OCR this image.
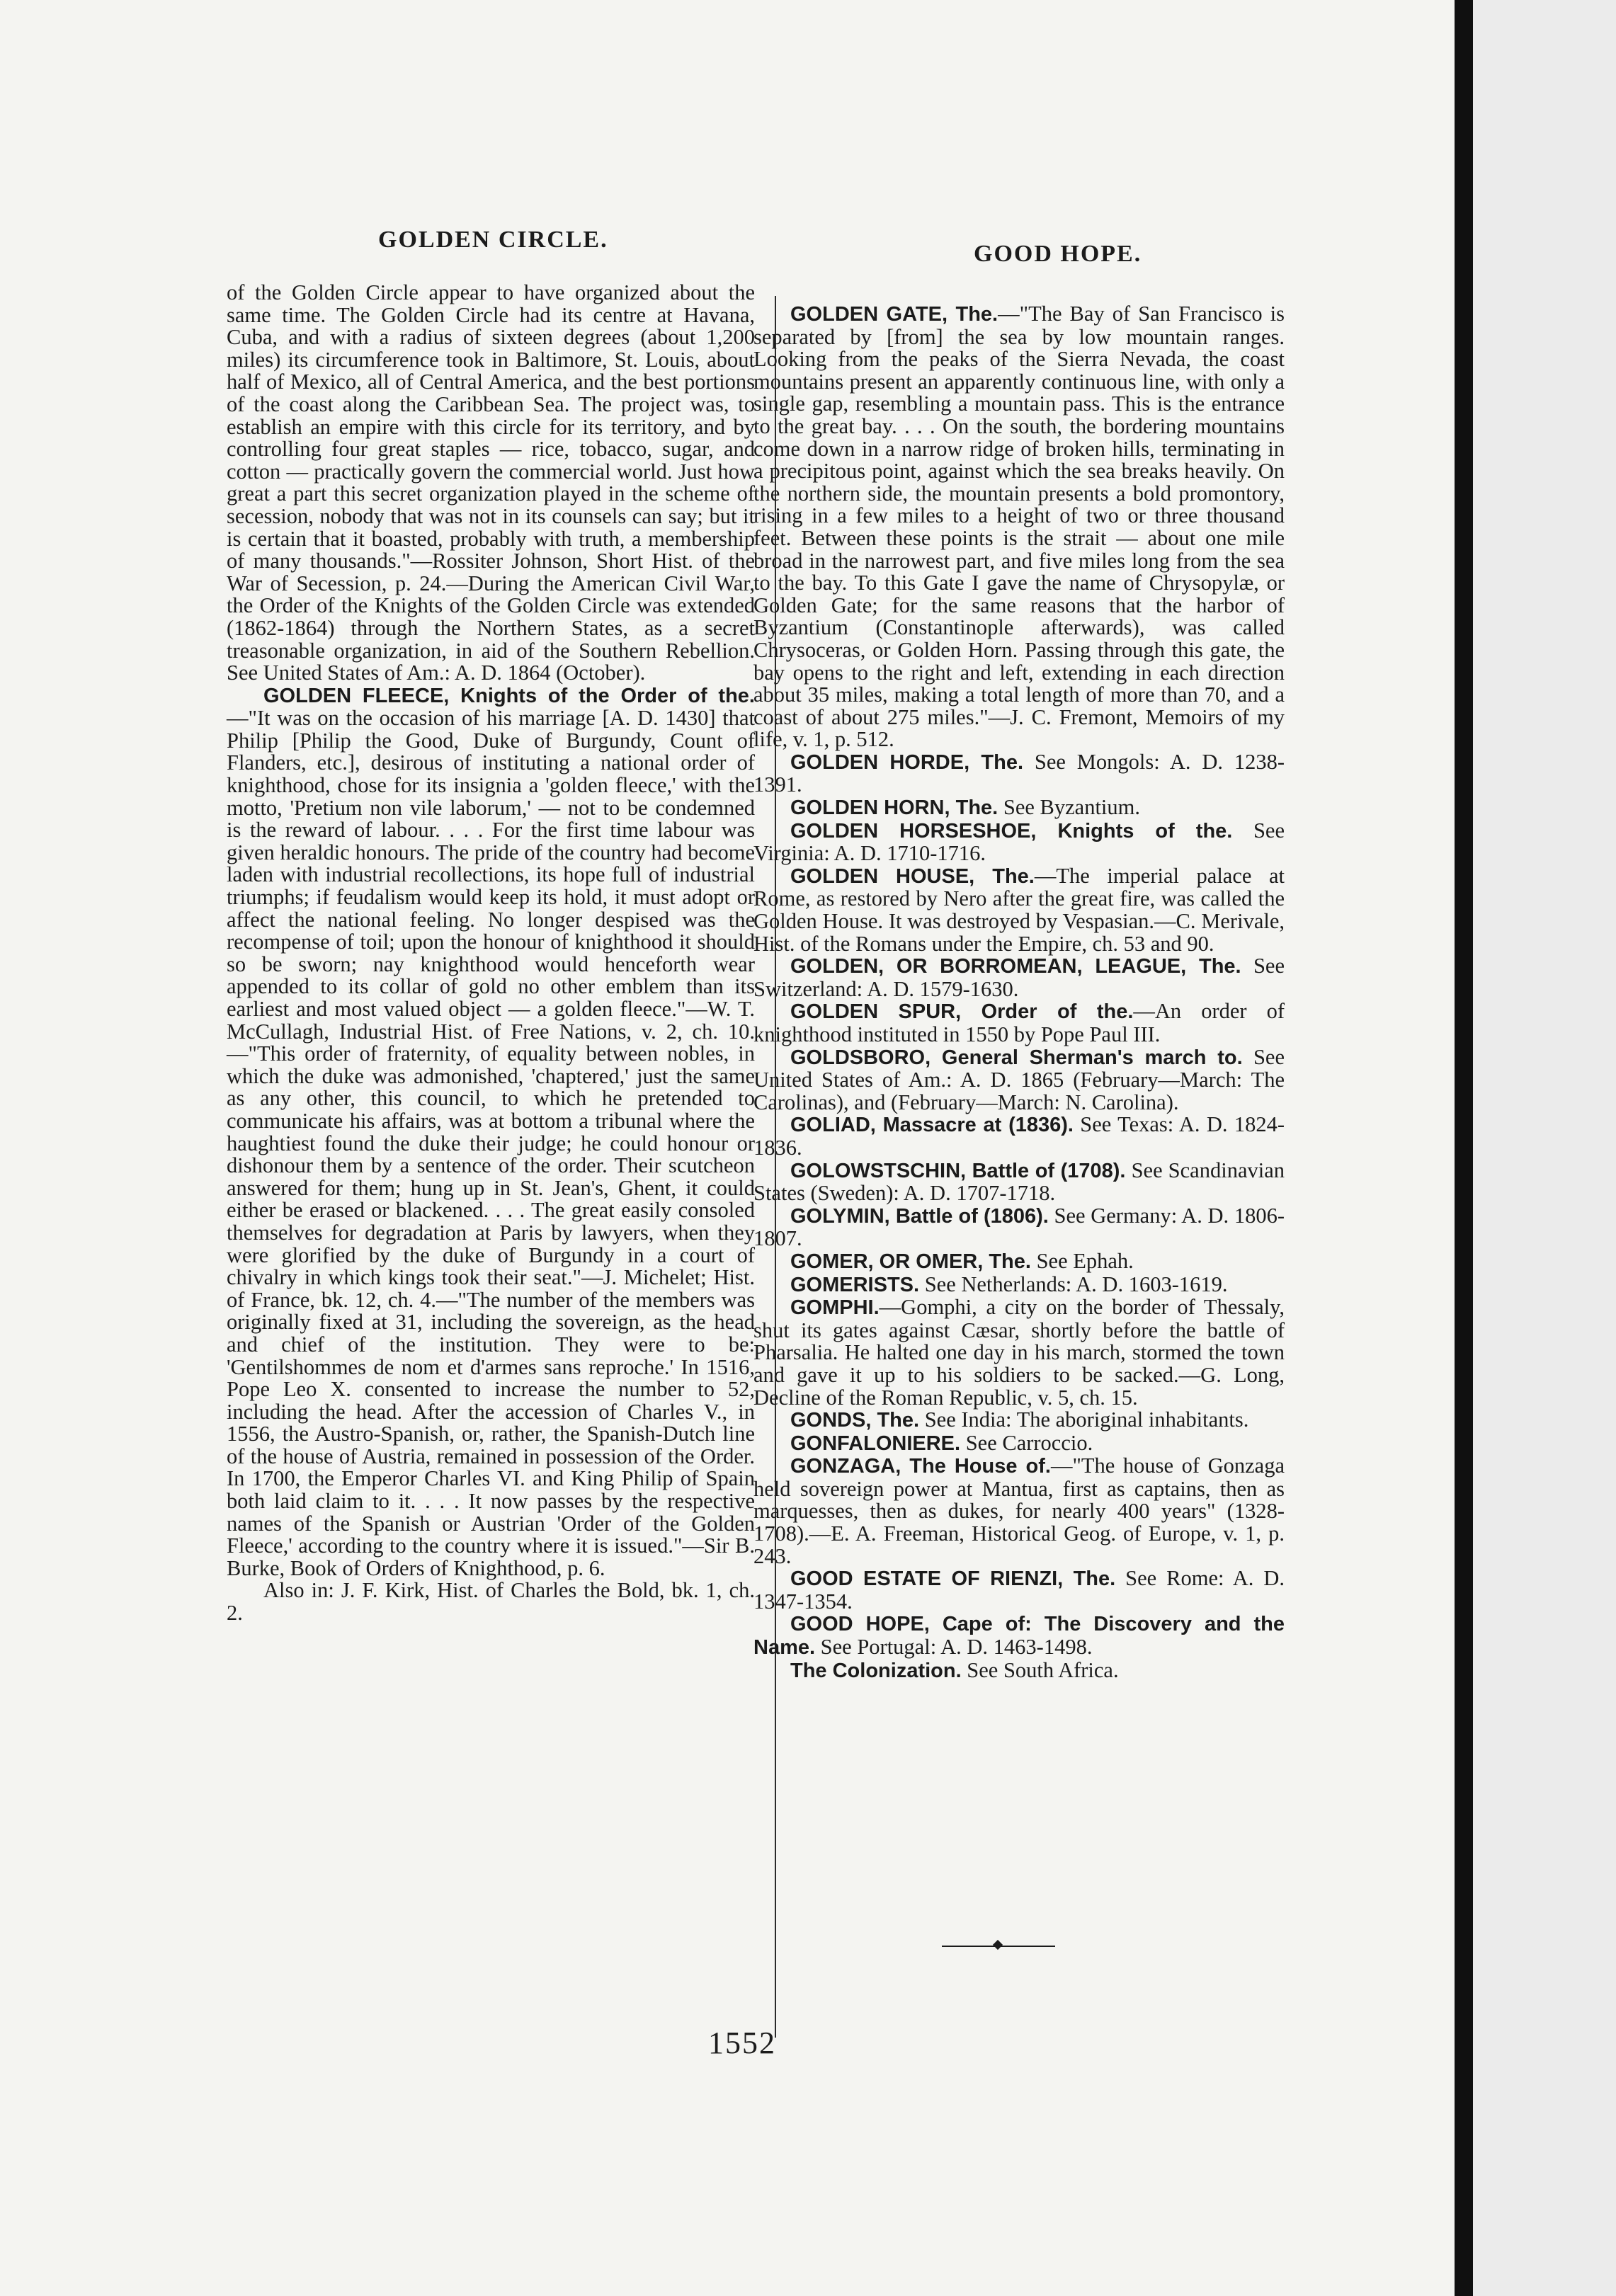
GOLDEN CIRCLE.
GOOD HOPE.

of the Golden Circle appear to have organized about the same time. The Golden Circle had its centre at Havana, Cuba, and with a radius of sixteen degrees (about 1,200 miles) its circumference took in Baltimore, St. Louis, about half of Mexico, all of Central America, and the best portions of the coast along the Caribbean Sea. The project was, to establish an empire with this circle for its territory, and by controlling four great staples — rice, tobacco, sugar, and cotton — practically govern the commercial world. Just how great a part this secret organization played in the scheme of secession, nobody that was not in its counsels can say; but it is certain that it boasted, probably with truth, a membership of many thousands."—Rossiter Johnson, Short Hist. of the War of Secession, p. 24.—During the American Civil War, the Order of the Knights of the Golden Circle was extended (1862-1864) through the Northern States, as a secret treasonable organization, in aid of the Southern Rebellion. See United States of Am.: A. D. 1864 (October).

GOLDEN FLEECE, Knights of the Order of the.—"It was on the occasion of his marriage [A. D. 1430] that Philip [Philip the Good, Duke of Burgundy, Count of Flanders, etc.], desirous of instituting a national order of knighthood, chose for its insignia a 'golden fleece,' with the motto, 'Pretium non vile laborum,' — not to be condemned is the reward of labour. . . . For the first time labour was given heraldic honours. The pride of the country had become laden with industrial recollections, its hope full of industrial triumphs; if feudalism would keep its hold, it must adopt or affect the national feeling. No longer despised was the recompense of toil; upon the honour of knighthood it should so be sworn; nay knighthood would henceforth wear appended to its collar of gold no other emblem than its earliest and most valued object — a golden fleece."—W. T. McCullagh, Industrial Hist. of Free Nations, v. 2, ch. 10.—"This order of fraternity, of equality between nobles, in which the duke was admonished, 'chaptered,' just the same as any other, this council, to which he pretended to communicate his affairs, was at bottom a tribunal where the haughtiest found the duke their judge; he could honour or dishonour them by a sentence of the order. Their scutcheon answered for them; hung up in St. Jean's, Ghent, it could either be erased or blackened. . . . The great easily consoled themselves for degradation at Paris by lawyers, when they were glorified by the duke of Burgundy in a court of chivalry in which kings took their seat."—J. Michelet; Hist. of France, bk. 12, ch. 4.—"The number of the members was originally fixed at 31, including the sovereign, as the head and chief of the institution. They were to be: 'Gentilshommes de nom et d'armes sans reproche.' In 1516, Pope Leo X. consented to increase the number to 52, including the head. After the accession of Charles V., in 1556, the Austro-Spanish, or, rather, the Spanish-Dutch line of the house of Austria, remained in possession of the Order. In 1700, the Emperor Charles VI. and King Philip of Spain both laid claim to it. . . . It now passes by the respective names of the Spanish or Austrian 'Order of the Golden Fleece,' according to the country where it is issued."—Sir B. Burke, Book of Orders of Knighthood, p. 6.

Also in: J. F. Kirk, Hist. of Charles the Bold, bk. 1, ch. 2.

GOLDEN GATE, The.—"The Bay of San Francisco is separated by [from] the sea by low mountain ranges. Looking from the peaks of the Sierra Nevada, the coast mountains present an apparently continuous line, with only a single gap, resembling a mountain pass. This is the entrance to the great bay. . . . On the south, the bordering mountains come down in a narrow ridge of broken hills, terminating in a precipitous point, against which the sea breaks heavily. On the northern side, the mountain presents a bold promontory, rising in a few miles to a height of two or three thousand feet. Between these points is the strait — about one mile broad in the narrowest part, and five miles long from the sea to the bay. To this Gate I gave the name of Chrysopylæ, or Golden Gate; for the same reasons that the harbor of Byzantium (Constantinople afterwards), was called Chrysoceras, or Golden Horn. Passing through this gate, the bay opens to the right and left, extending in each direction about 35 miles, making a total length of more than 70, and a coast of about 275 miles."—J. C. Fremont, Memoirs of my life, v. 1, p. 512.

GOLDEN HORDE, The. See Mongols: A. D. 1238-1391.

GOLDEN HORN, The. See Byzantium.

GOLDEN HORSESHOE, Knights of the. See Virginia: A. D. 1710-1716.

GOLDEN HOUSE, The.—The imperial palace at Rome, as restored by Nero after the great fire, was called the Golden House. It was destroyed by Vespasian.—C. Merivale, Hist. of the Romans under the Empire, ch. 53 and 90.

GOLDEN, OR BORROMEAN, LEAGUE, The. See Switzerland: A. D. 1579-1630.

GOLDEN SPUR, Order of the.—An order of knighthood instituted in 1550 by Pope Paul III.

GOLDSBORO, General Sherman's march to. See United States of Am.: A. D. 1865 (February—March: The Carolinas), and (February—March: N. Carolina).

GOLIAD, Massacre at (1836). See Texas: A. D. 1824-1836.

GOLOWSTSCHIN, Battle of (1708). See Scandinavian States (Sweden): A. D. 1707-1718.

GOLYMIN, Battle of (1806). See Germany: A. D. 1806-1807.

GOMER, OR OMER, The. See Ephah.

GOMERISTS. See Netherlands: A. D. 1603-1619.

GOMPHI.—Gomphi, a city on the border of Thessaly, shut its gates against Cæsar, shortly before the battle of Pharsalia. He halted one day in his march, stormed the town and gave it up to his soldiers to be sacked.—G. Long, Decline of the Roman Republic, v. 5, ch. 15.

GONDS, The. See India: The aboriginal inhabitants.

GONFALONIERE. See Carroccio.

GONZAGA, The House of.—"The house of Gonzaga held sovereign power at Mantua, first as captains, then as marquesses, then as dukes, for nearly 400 years" (1328-1708).—E. A. Freeman, Historical Geog. of Europe, v. 1, p. 243.

GOOD ESTATE OF RIENZI, The. See Rome: A. D. 1347-1354.

GOOD HOPE, Cape of: The Discovery and the Name. See Portugal: A. D. 1463-1498.

The Colonization. See South Africa.

1552
